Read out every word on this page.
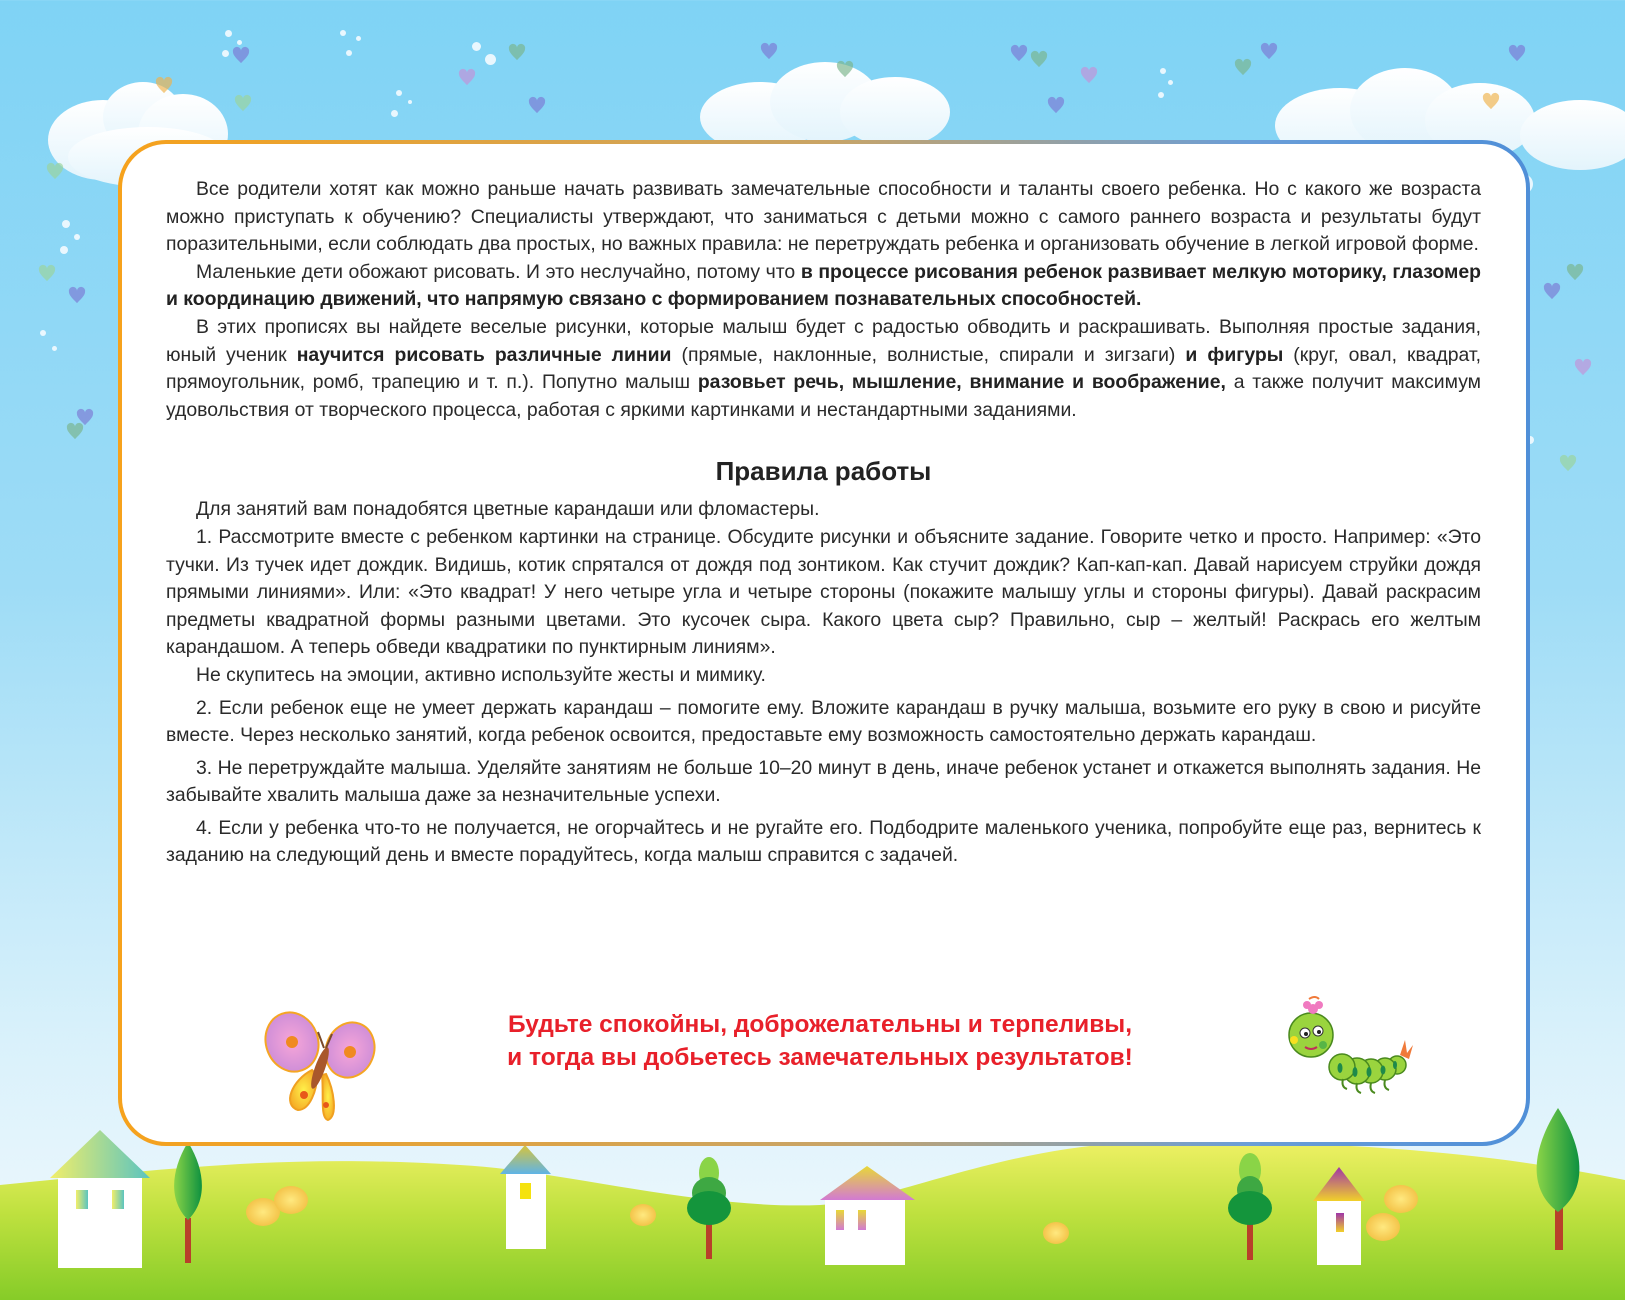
Все родители хотят как можно раньше начать развивать замечательные способности и таланты своего ребенка. Но с какого же возраста можно приступать к обучению? Специалисты утверждают, что заниматься с детьми можно с самого раннего возраста и результаты будут поразительными, если соблюдать два простых, но важных правила: не перетруждать ребенка и организовать обучение в легкой игровой форме.

Маленькие дети обожают рисовать. И это неслучайно, потому что в процессе рисования ребенок развивает мелкую моторику, глазомер и координацию движений, что напрямую связано с формированием познавательных способностей.

В этих прописях вы найдете веселые рисунки, которые малыш будет с радостью обводить и раскрашивать. Выполняя простые задания, юный ученик научится рисовать различные линии (прямые, наклонные, волнистые, спирали и зигзаги) и фигуры (круг, овал, квадрат, прямоугольник, ромб, трапецию и т. п.). Попутно малыш разовьет речь, мышление, внимание и воображение, а также получит максимум удовольствия от творческого процесса, работая с яркими картинками и нестандартными заданиями.

Правила работы

Для занятий вам понадобятся цветные карандаши или фломастеры.

1. Рассмотрите вместе с ребенком картинки на странице. Обсудите рисунки и объясните задание. Говорите четко и просто. Например: «Это тучки. Из тучек идет дождик. Видишь, котик спрятался от дождя под зонтиком. Как стучит дождик? Кап-кап-кап. Давай нарисуем струйки дождя прямыми линиями». Или: «Это квадрат! У него четыре угла и четыре стороны (покажите малышу углы и стороны фигуры). Давай раскрасим предметы квадратной формы разными цветами. Это кусочек сыра. Какого цвета сыр? Правильно, сыр – желтый! Раскрась его желтым карандашом. А теперь обведи квадратики по пунктирным линиям».

Не скупитесь на эмоции, активно используйте жесты и мимику.

2. Если ребенок еще не умеет держать карандаш – помогите ему. Вложите карандаш в ручку малыша, возьмите его руку в свою и рисуйте вместе. Через несколько занятий, когда ребенок освоится, предоставьте ему возможность самостоятельно держать карандаш.

3. Не перетруждайте малыша. Уделяйте занятиям не больше 10–20 минут в день, иначе ребенок устанет и откажется выполнять задания. Не забывайте хвалить малыша даже за незначительные успехи.

4. Если у ребенка что-то не получается, не огорчайтесь и не ругайте его. Подбодрите маленького ученика, попробуйте еще раз, вернитесь к заданию на следующий день и вместе порадуйтесь, когда малыш справится с задачей.

Будьте спокойны, доброжелательны и терпеливы,
и тогда вы добьетесь замечательных результатов!
